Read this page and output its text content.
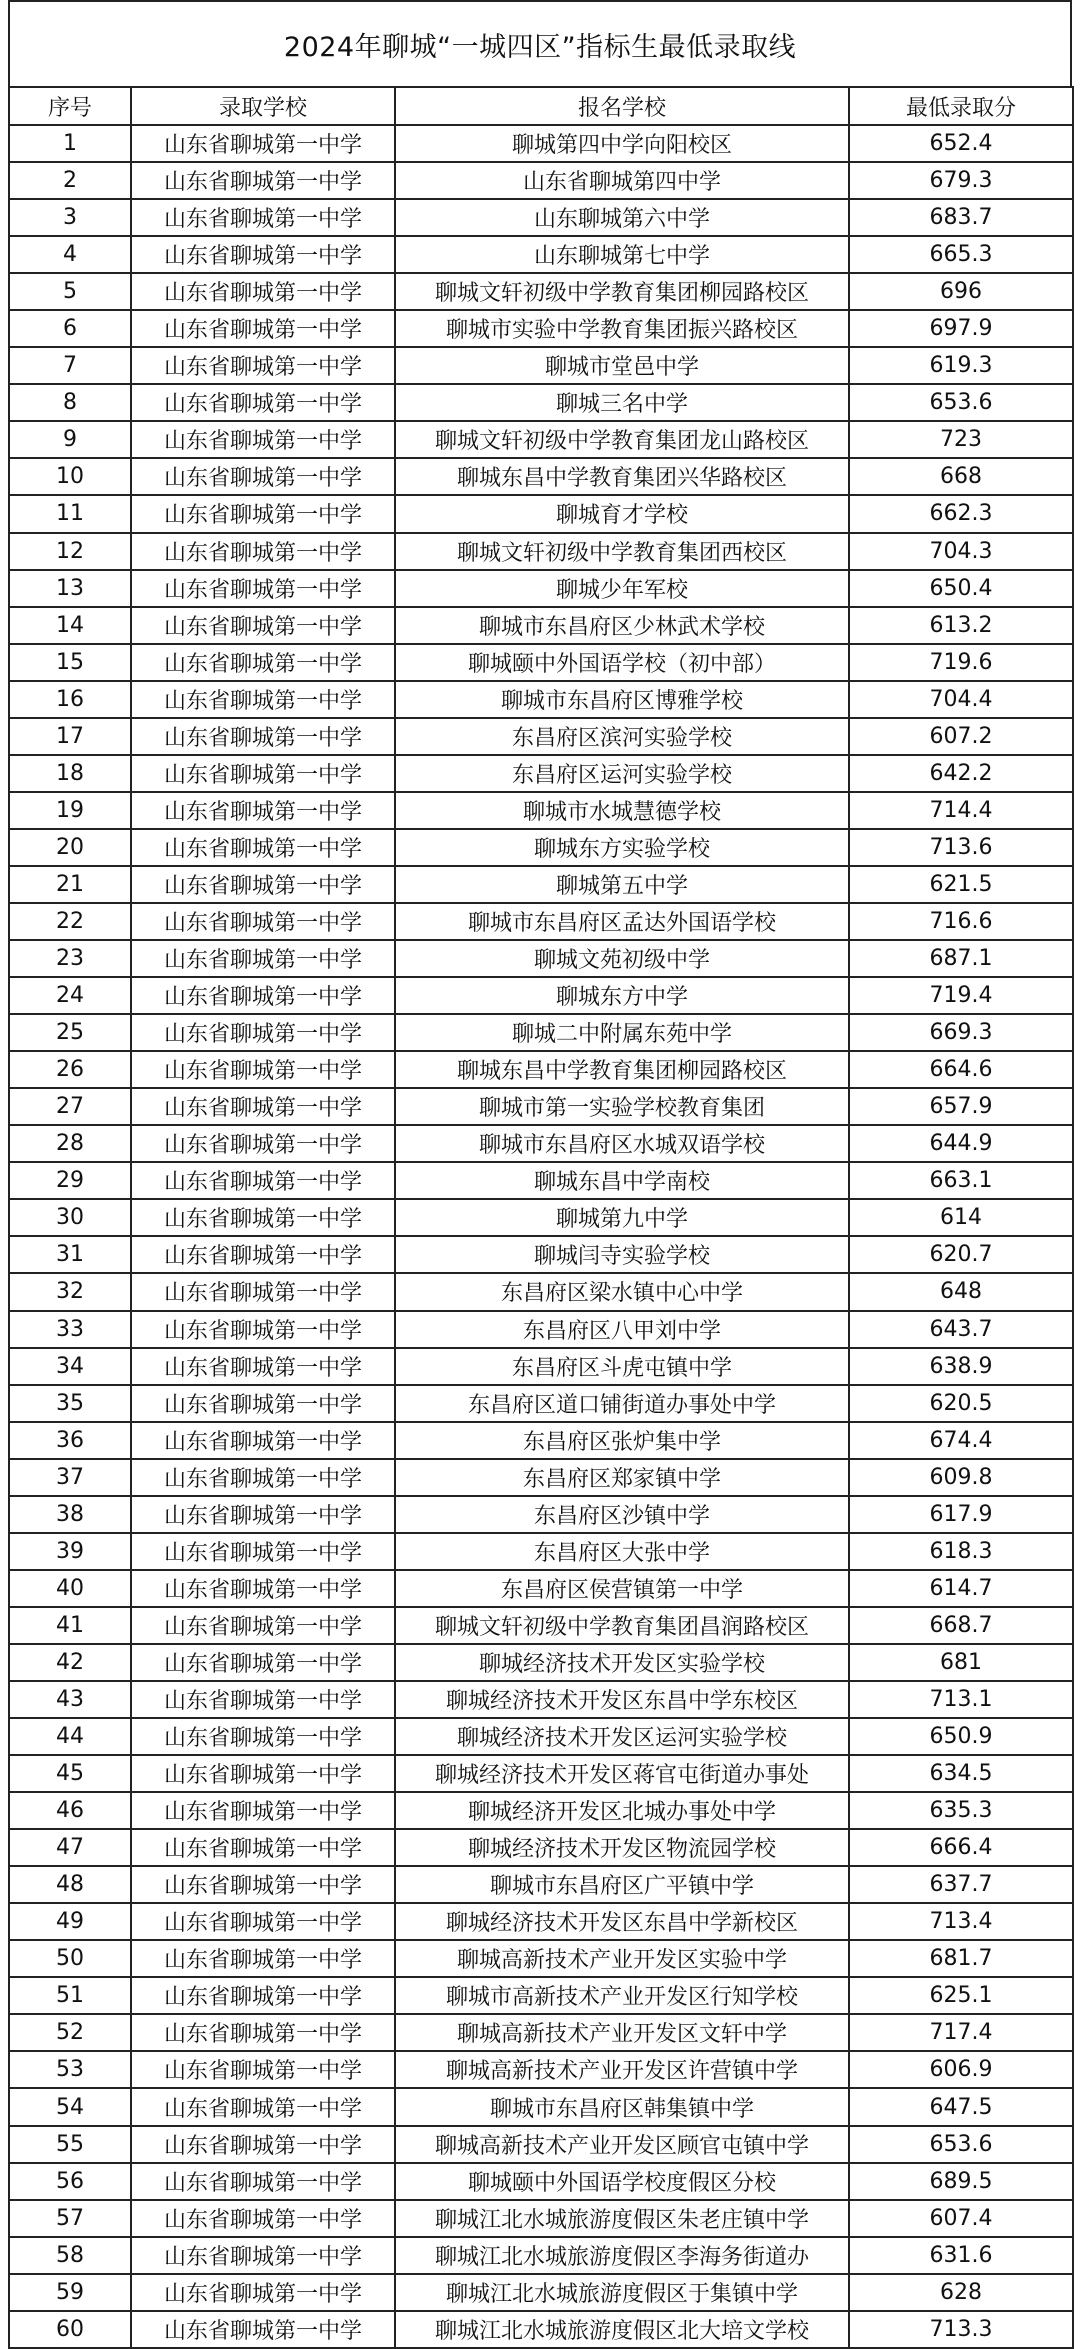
2024年聊城“一城四区”指标生最低录取线
序号	录取学校	报名学校	最低录取分
1	山东省聊城第一中学	聊城第四中学向阳校区	652.4
2	山东省聊城第一中学	山东省聊城第四中学	679.3
3	山东省聊城第一中学	山东聊城第六中学	683.7
4	山东省聊城第一中学	山东聊城第七中学	665.3
5	山东省聊城第一中学	聊城文轩初级中学教育集团柳园路校区	696
6	山东省聊城第一中学	聊城市实验中学教育集团振兴路校区	697.9
7	山东省聊城第一中学	聊城市堂邑中学	619.3
8	山东省聊城第一中学	聊城三名中学	653.6
9	山东省聊城第一中学	聊城文轩初级中学教育集团龙山路校区	723
10	山东省聊城第一中学	聊城东昌中学教育集团兴华路校区	668
11	山东省聊城第一中学	聊城育才学校	662.3
12	山东省聊城第一中学	聊城文轩初级中学教育集团西校区	704.3
13	山东省聊城第一中学	聊城少年军校	650.4
14	山东省聊城第一中学	聊城市东昌府区少林武术学校	613.2
15	山东省聊城第一中学	聊城颐中外国语学校（初中部）	719.6
16	山东省聊城第一中学	聊城市东昌府区博雅学校	704.4
17	山东省聊城第一中学	东昌府区滨河实验学校	607.2
18	山东省聊城第一中学	东昌府区运河实验学校	642.2
19	山东省聊城第一中学	聊城市水城慧德学校	714.4
20	山东省聊城第一中学	聊城东方实验学校	713.6
21	山东省聊城第一中学	聊城第五中学	621.5
22	山东省聊城第一中学	聊城市东昌府区孟达外国语学校	716.6
23	山东省聊城第一中学	聊城文苑初级中学	687.1
24	山东省聊城第一中学	聊城东方中学	719.4
25	山东省聊城第一中学	聊城二中附属东苑中学	669.3
26	山东省聊城第一中学	聊城东昌中学教育集团柳园路校区	664.6
27	山东省聊城第一中学	聊城市第一实验学校教育集团	657.9
28	山东省聊城第一中学	聊城市东昌府区水城双语学校	644.9
29	山东省聊城第一中学	聊城东昌中学南校	663.1
30	山东省聊城第一中学	聊城第九中学	614
31	山东省聊城第一中学	聊城闫寺实验学校	620.7
32	山东省聊城第一中学	东昌府区梁水镇中心中学	648
33	山东省聊城第一中学	东昌府区八甲刘中学	643.7
34	山东省聊城第一中学	东昌府区斗虎屯镇中学	638.9
35	山东省聊城第一中学	东昌府区道口铺街道办事处中学	620.5
36	山东省聊城第一中学	东昌府区张炉集中学	674.4
37	山东省聊城第一中学	东昌府区郑家镇中学	609.8
38	山东省聊城第一中学	东昌府区沙镇中学	617.9
39	山东省聊城第一中学	东昌府区大张中学	618.3
40	山东省聊城第一中学	东昌府区侯营镇第一中学	614.7
41	山东省聊城第一中学	聊城文轩初级中学教育集团昌润路校区	668.7
42	山东省聊城第一中学	聊城经济技术开发区实验学校	681
43	山东省聊城第一中学	聊城经济技术开发区东昌中学东校区	713.1
44	山东省聊城第一中学	聊城经济技术开发区运河实验学校	650.9
45	山东省聊城第一中学	聊城经济技术开发区蒋官屯街道办事处	634.5
46	山东省聊城第一中学	聊城经济开发区北城办事处中学	635.3
47	山东省聊城第一中学	聊城经济技术开发区物流园学校	666.4
48	山东省聊城第一中学	聊城市东昌府区广平镇中学	637.7
49	山东省聊城第一中学	聊城经济技术开发区东昌中学新校区	713.4
50	山东省聊城第一中学	聊城高新技术产业开发区实验中学	681.7
51	山东省聊城第一中学	聊城市高新技术产业开发区行知学校	625.1
52	山东省聊城第一中学	聊城高新技术产业开发区文轩中学	717.4
53	山东省聊城第一中学	聊城高新技术产业开发区许营镇中学	606.9
54	山东省聊城第一中学	聊城市东昌府区韩集镇中学	647.5
55	山东省聊城第一中学	聊城高新技术产业开发区顾官屯镇中学	653.6
56	山东省聊城第一中学	聊城颐中外国语学校度假区分校	689.5
57	山东省聊城第一中学	聊城江北水城旅游度假区朱老庄镇中学	607.4
58	山东省聊城第一中学	聊城江北水城旅游度假区李海务街道办	631.6
59	山东省聊城第一中学	聊城江北水城旅游度假区于集镇中学	628
60	山东省聊城第一中学	聊城江北水城旅游度假区北大培文学校	713.3
